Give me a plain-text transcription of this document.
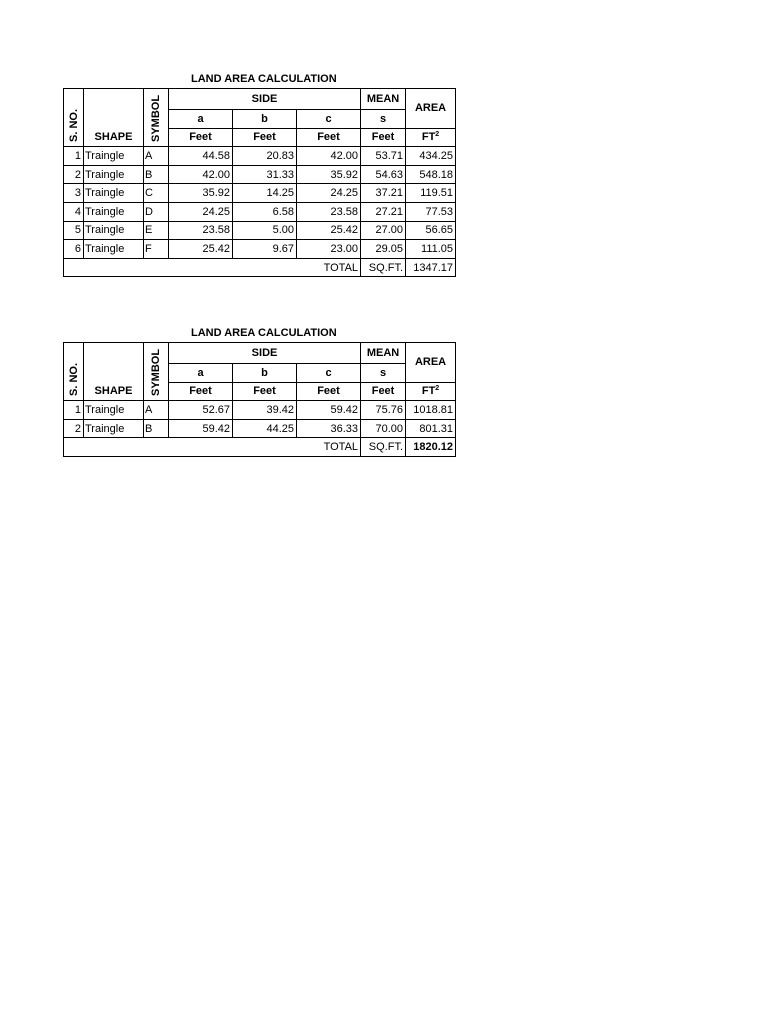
LAND AREA CALCULATION
S. NO.	SHAPE	SYMBOL	SIDE			MEAN	AREA
			a	b	c	s	
			Feet	Feet	Feet	Feet	$FT^2$
1	Traingle	A	44.58	20.83	42.00	53.71	434.25
2	Traingle	B	42.00	31.33	35.92	54.63	548.18
3	Traingle	C	35.92	14.25	24.25	37.21	119.51
4	Traingle	D	24.25	6.58	23.58	27.21	77.53
5	Traingle	E	23.58	5.00	25.42	27.00	56.65
6	Traingle	F	25.42	9.67	23.00	29.05	111.05
					TOTAL	SQ.FT.	1347.17
LAND AREA CALCULATION
S. NO.	SHAPE	SYMBOL	SIDE			MEAN	AREA
			a	b	c	s	
			Feet	Feet	Feet	Feet	$FT^2$
1	Traingle	A	52.67	39.42	59.42	75.76	1018.81
2	Traingle	B	59.42	44.25	36.33	70.00	801.31
					TOTAL	SQ.FT.	1820.12
